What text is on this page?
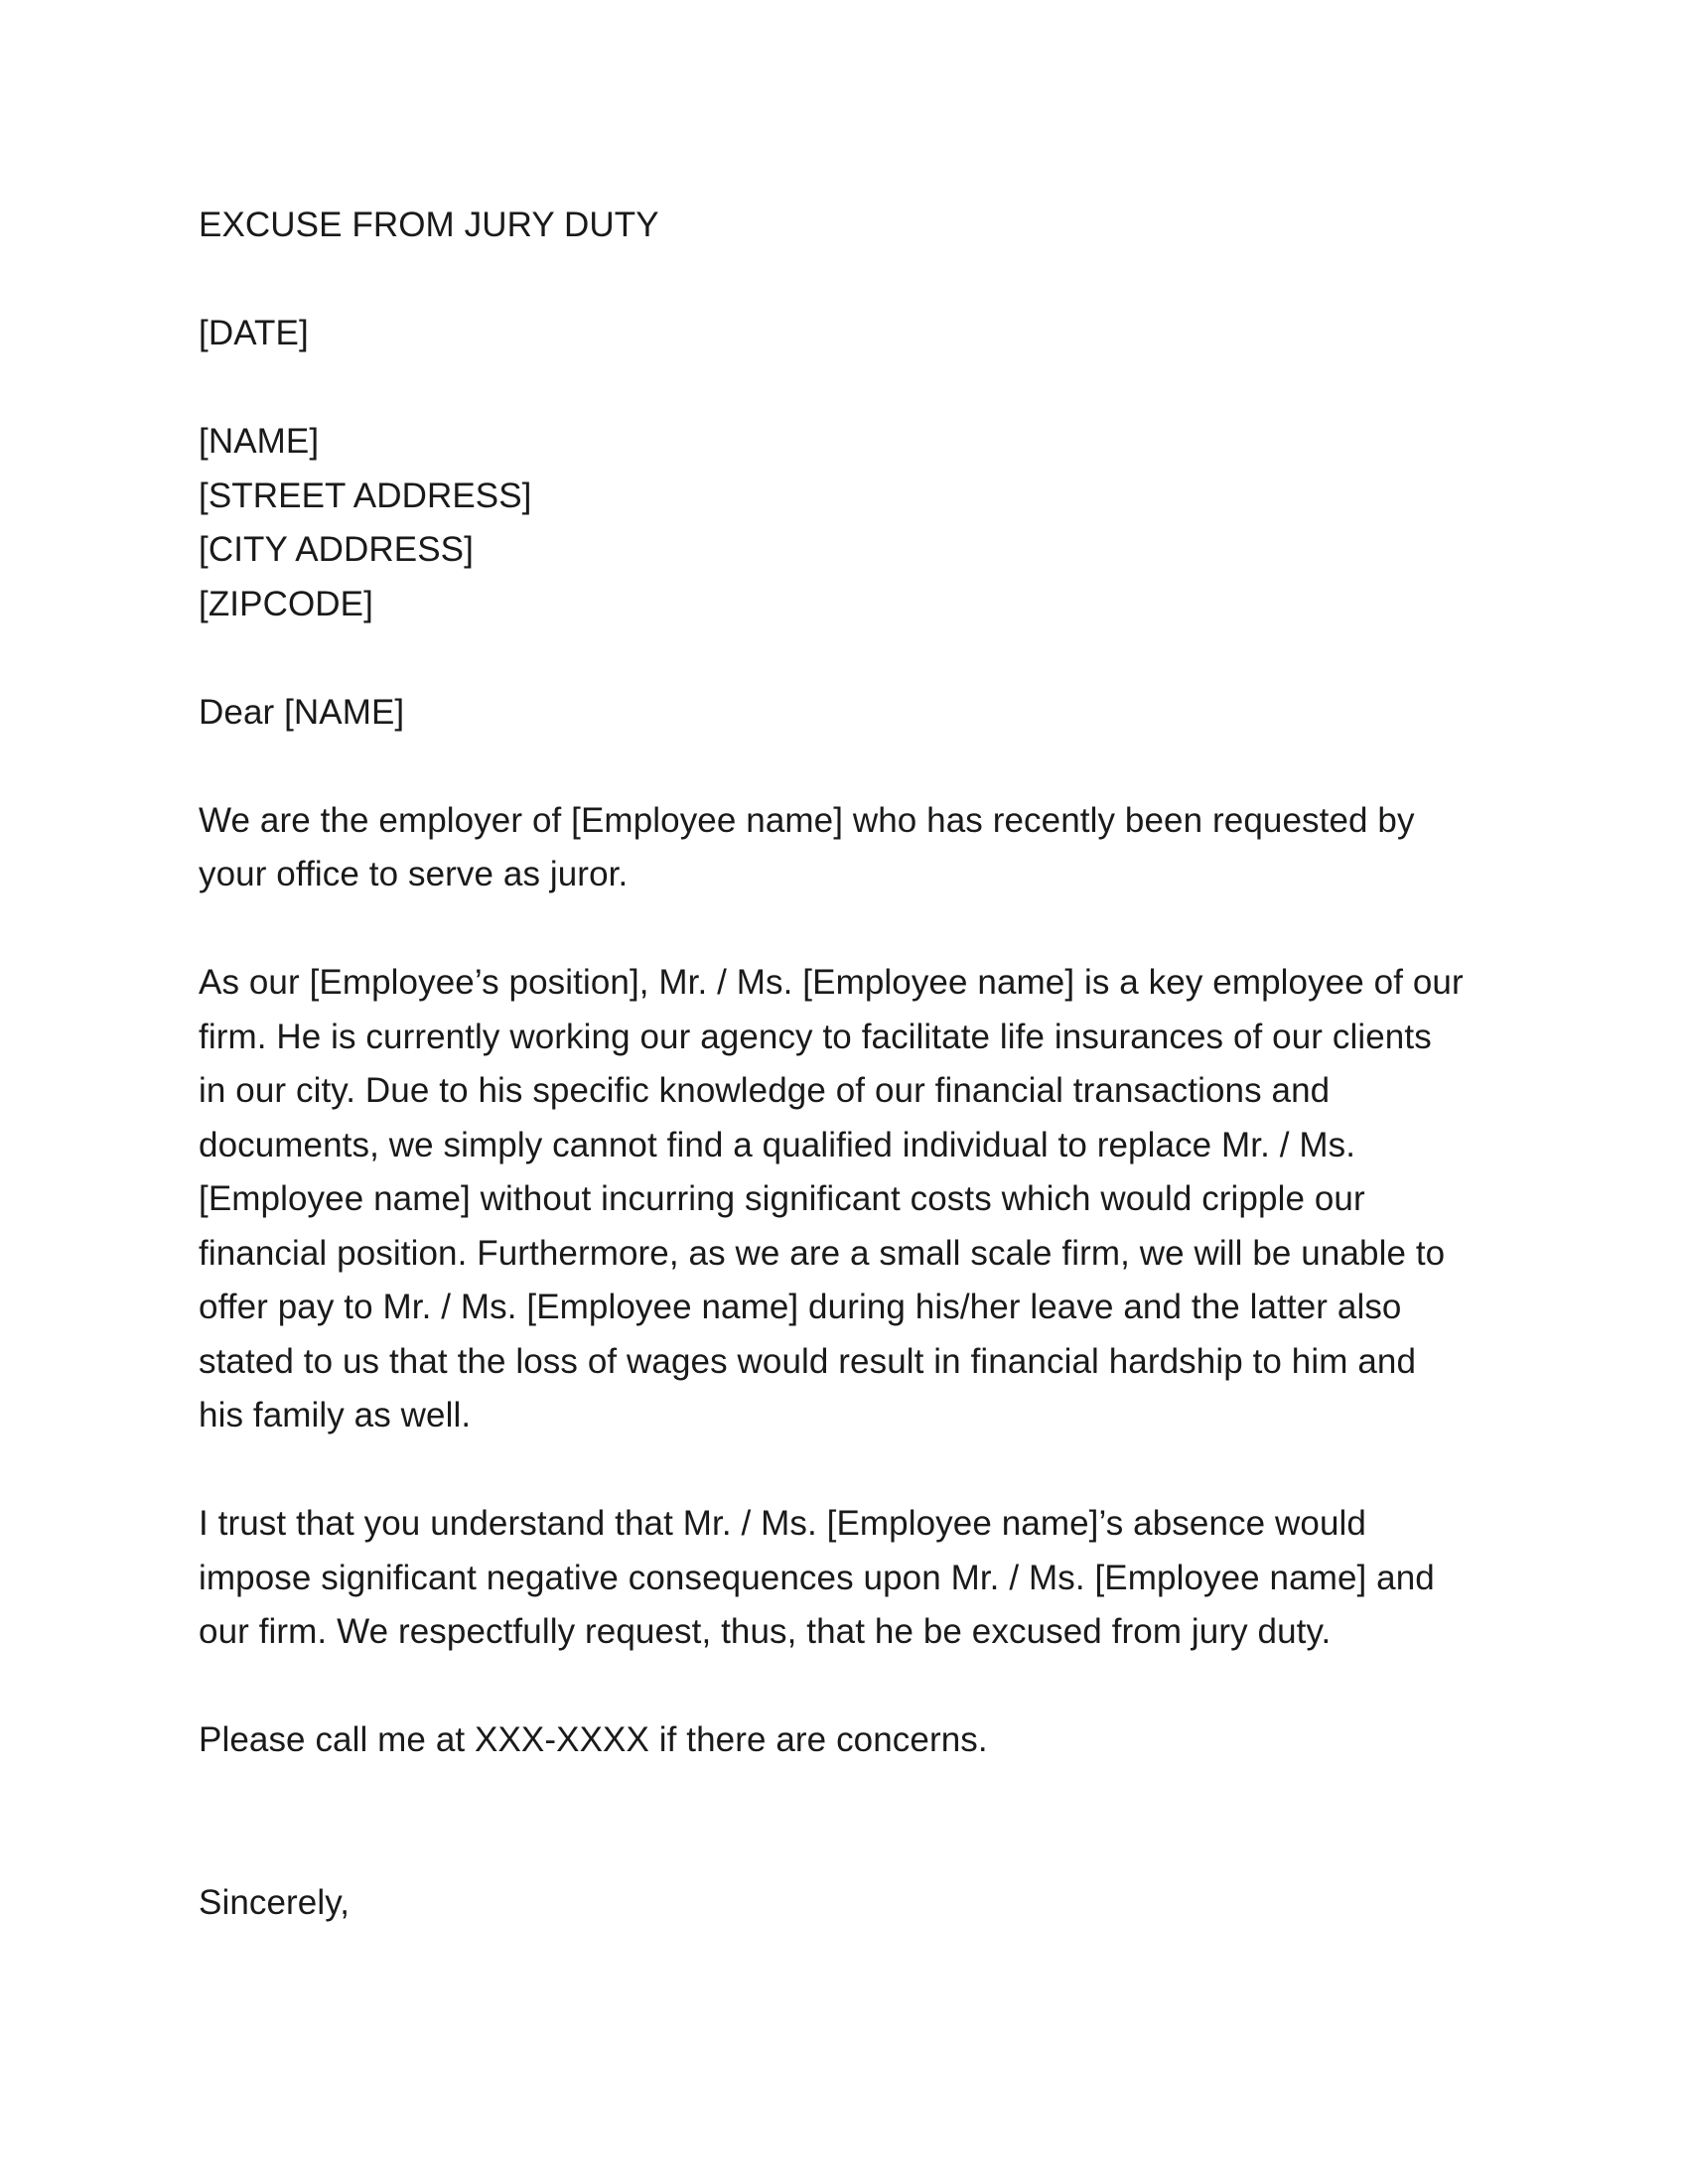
EXCUSE FROM JURY DUTY
[DATE]
[NAME]
[STREET ADDRESS]
[CITY ADDRESS]
[ZIPCODE]
Dear [NAME]
We are the employer of [Employee name] who has recently been requested by
your office to serve as juror.
As our [Employee’s position], Mr. / Ms. [Employee name] is a key employee of our
firm. He is currently working our agency to facilitate life insurances of our clients
in our city. Due to his specific knowledge of our financial transactions and
documents, we simply cannot find a qualified individual to replace Mr. / Ms.
[Employee name] without incurring significant costs which would cripple our
financial position. Furthermore, as we are a small scale firm, we will be unable to
offer pay to Mr. / Ms. [Employee name] during his/her leave and the latter also
stated to us that the loss of wages would result in financial hardship to him and
his family as well.
I trust that you understand that Mr. / Ms. [Employee name]’s absence would
impose significant negative consequences upon Mr. / Ms. [Employee name] and
our firm. We respectfully request, thus, that he be excused from jury duty.
Please call me at XXX-XXXX if there are concerns.
Sincerely,
